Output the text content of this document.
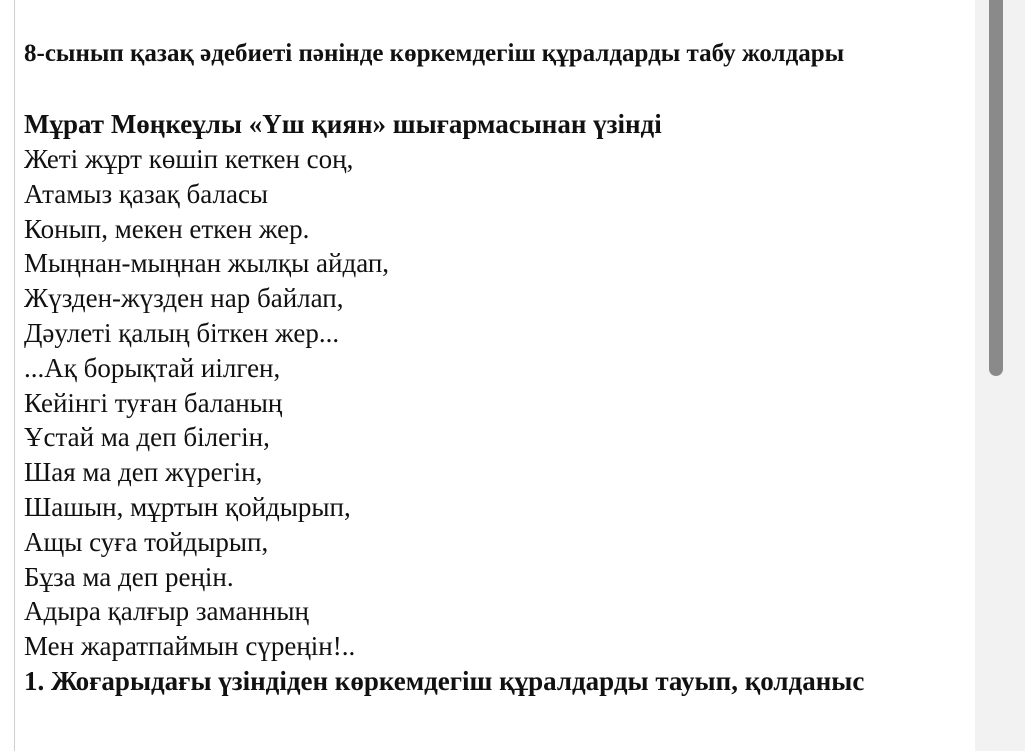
8-сынып қазақ әдебиеті пәнінде көркемдегіш құралдарды табу жолдары
Мұрат Мөңкеұлы «Үш қиян» шығармасынан үзінді
Жеті жұрт көшіп кеткен соң,
Атамыз қазақ баласы
Конып, мекен еткен жер.
Мыңнан-мыңнан жылқы айдап,
Жүзден-жүзден нар байлап,
Дәулеті қалың біткен жер...
...Ақ борықтай иілген,
Кейінгі туған баланың
Ұстай ма деп білегін,
Шая ма деп жүрегін,
Шашын, мұртын қойдырып,
Ащы суға тойдырып,
Бұза ма деп реңін.
Адыра қалғыр заманның
Мен жаратпаймын сүреңін!..
1. Жоғарыдағы үзіндіден көркемдегіш құралдарды тауып, қолданыс
